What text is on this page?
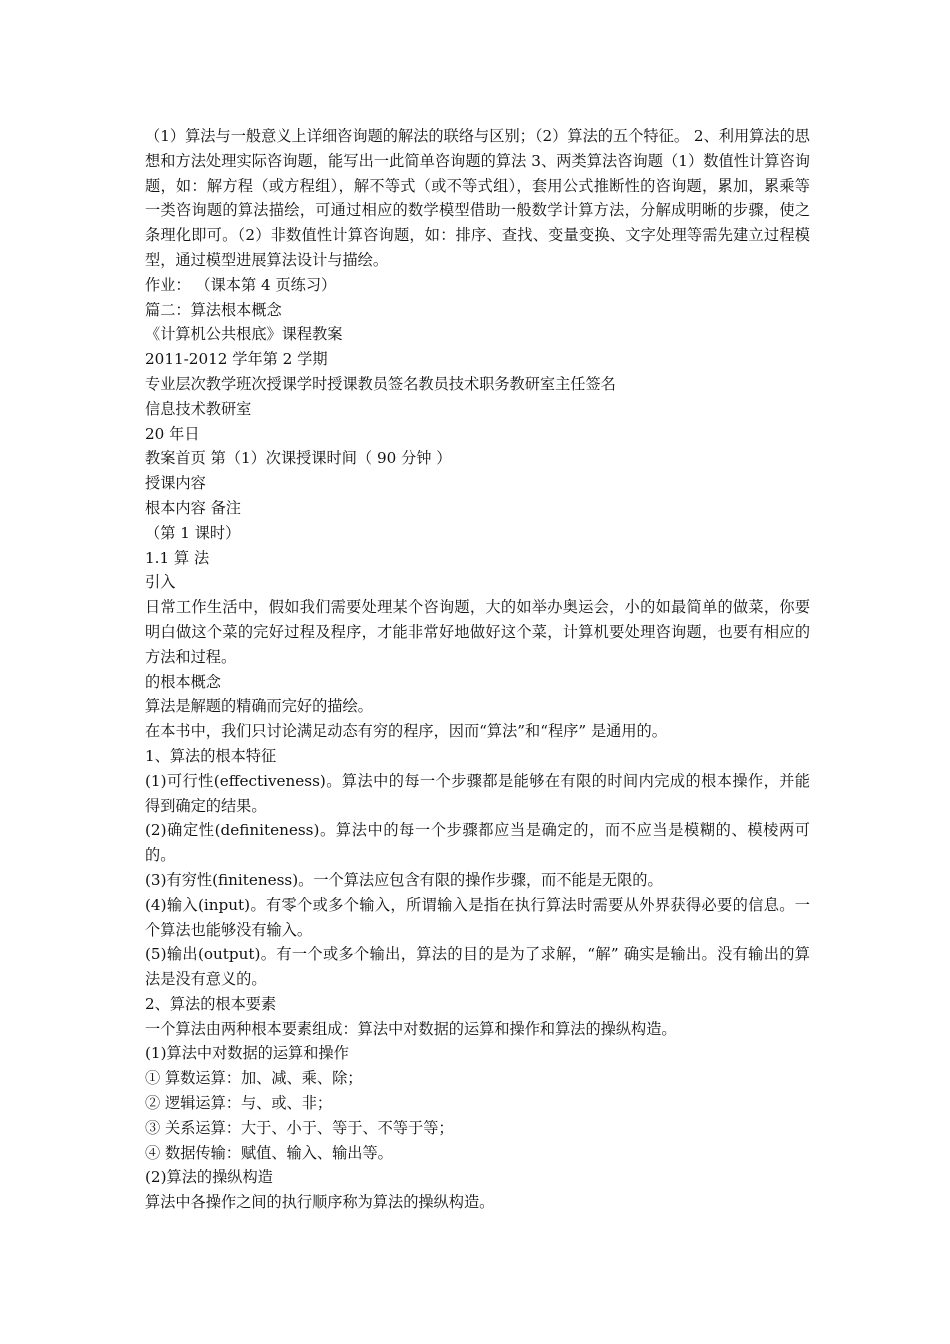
（1）算法与一般意义上详细咨询题的解法的联络与区别；（2）算法的五个特征。 2、利用算法的思想和方法处理实际咨询题，能写出一此简单咨询题的算法 3、两类算法咨询题（1）数值性计算咨询题，如：解方程（或方程组），解不等式（或不等式组），套用公式推断性的咨询题，累加，累乘等一类咨询题的算法描绘，可通过相应的数学模型借助一般数学计算方法，分解成明晰的步骤，使之条理化即可。（2）非数值性计算咨询题，如：排序、查找、变量变换、文字处理等需先建立过程模型，通过模型进展算法设计与描绘。

作业： （课本第 4 页练习）

篇二：算法根本概念

《计算机公共根底》课程教案

2011-2012 学年第 2 学期

专业层次教学班次授课学时授课教员签名教员技术职务教研室主任签名

信息技术教研室

20 年日

教案首页 第（1）次课授课时间（ 90 分钟 ）

授课内容

根本内容 备注

（第 1 课时）

1.1 算 法

引入

日常工作生活中，假如我们需要处理某个咨询题，大的如举办奥运会，小的如最简单的做菜，你要明白做这个菜的完好过程及程序，才能非常好地做好这个菜，计算机要处理咨询题，也要有相应的方法和过程。

的根本概念

算法是解题的精确而完好的描绘。

在本书中，我们只讨论满足动态有穷的程序，因而“算法”和“程序” 是通用的。

1、算法的根本特征

(1)可行性(effectiveness)。算法中的每一个步骤都是能够在有限的时间内完成的根本操作，并能得到确定的结果。

(2)确定性(definiteness)。算法中的每一个步骤都应当是确定的，而不应当是模糊的、模棱两可的。

(3)有穷性(finiteness)。一个算法应包含有限的操作步骤，而不能是无限的。

(4)输入(input)。有零个或多个输入，所谓输入是指在执行算法时需要从外界获得必要的信息。一个算法也能够没有输入。

(5)输出(output)。有一个或多个输出，算法的目的是为了求解，“解” 确实是输出。没有输出的算法是没有意义的。

2、算法的根本要素

一个算法由两种根本要素组成：算法中对数据的运算和操作和算法的操纵构造。

(1)算法中对数据的运算和操作

① 算数运算：加、减、乘、除；

② 逻辑运算：与、或、非；

③ 关系运算：大于、小于、等于、不等于等；

④ 数据传输：赋值、输入、输出等。

(2)算法的操纵构造

算法中各操作之间的执行顺序称为算法的操纵构造。
